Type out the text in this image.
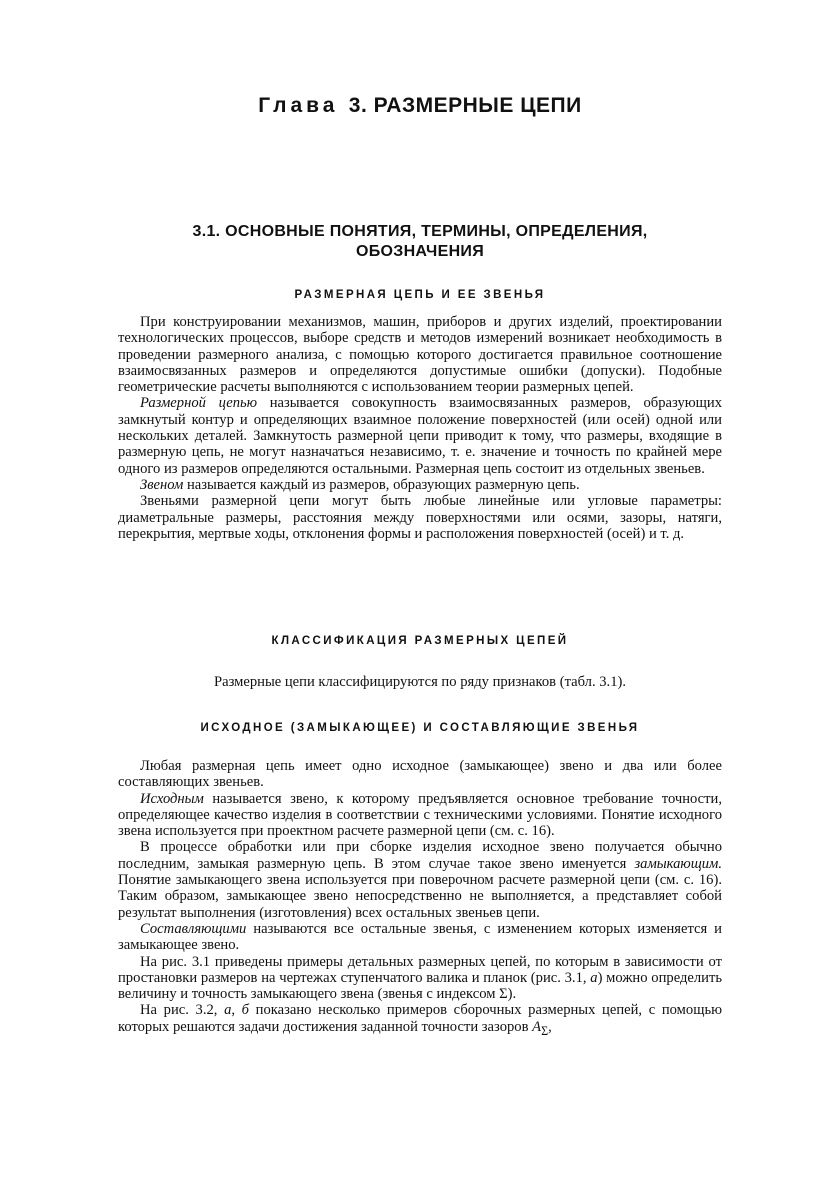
Глава 3. РАЗМЕРНЫЕ ЦЕПИ
3.1. ОСНОВНЫЕ ПОНЯТИЯ, ТЕРМИНЫ, ОПРЕДЕЛЕНИЯ,
ОБОЗНАЧЕНИЯ
РАЗМЕРНАЯ ЦЕПЬ И ЕЕ ЗВЕНЬЯ

При конструировании механизмов, машин, приборов и других изделий, проектировании технологических процессов, выборе средств и методов измерений возникает необходимость в проведении размерного анализа, с помощью которого достигается правильное соотношение взаимосвязанных размеров и определяются допустимые ошибки (допуски). Подобные геометрические расчеты выполняются с использованием теории размерных цепей.

Размерной цепью называется совокупность взаимосвязанных размеров, образующих замкнутый контур и определяющих взаимное положение поверхностей (или осей) одной или нескольких деталей. Замкнутость размерной цепи приводит к тому, что размеры, входящие в размерную цепь, не могут назначаться независимо, т. е. значение и точность по крайней мере одного из размеров определяются остальными. Размерная цепь состоит из отдельных звеньев.

Звеном называется каждый из размеров, образующих размерную цепь.

Звеньями размерной цепи могут быть любые линейные или угловые параметры: диаметральные размеры, расстояния между поверхностями или осями, зазоры, натяги, перекрытия, мертвые ходы, отклонения формы и расположения поверхностей (осей) и т. д.

КЛАССИФИКАЦИЯ РАЗМЕРНЫХ ЦЕПЕЙ

Размерные цепи классифицируются по ряду признаков (табл. 3.1).

ИСХОДНОЕ (ЗАМЫКАЮЩЕЕ) И СОСТАВЛЯЮЩИЕ ЗВЕНЬЯ

Любая размерная цепь имеет одно исходное (замыкающее) звено и два или более составляющих звеньев.

Исходным называется звено, к которому предъявляется основное требование точности, определяющее качество изделия в соответствии с техническими условиями. Понятие исходного звена используется при проектном расчете размерной цепи (см. с. 16).

В процессе обработки или при сборке изделия исходное звено получается обычно последним, замыкая размерную цепь. В этом случае такое звено именуется замыкающим. Понятие замыкающего звена используется при поверочном расчете размерной цепи (см. с. 16). Таким образом, замыкающее звено непосредственно не выполняется, а представляет собой результат выполнения (изготовления) всех остальных звеньев цепи.

Составляющими называются все остальные звенья, с изменением которых изменяется и замыкающее звено.

На рис. 3.1 приведены примеры детальных размерных цепей, по которым в зависимости от простановки размеров на чертежах ступенчатого валика и планок (рис. 3.1, а) можно определить величину и точность замыкающего звена (звенья с индексом Σ).

На рис. 3.2, а, б показано несколько примеров сборочных размерных цепей, с помощью которых решаются задачи достижения заданной точности зазоров $A_\Sigma$,
